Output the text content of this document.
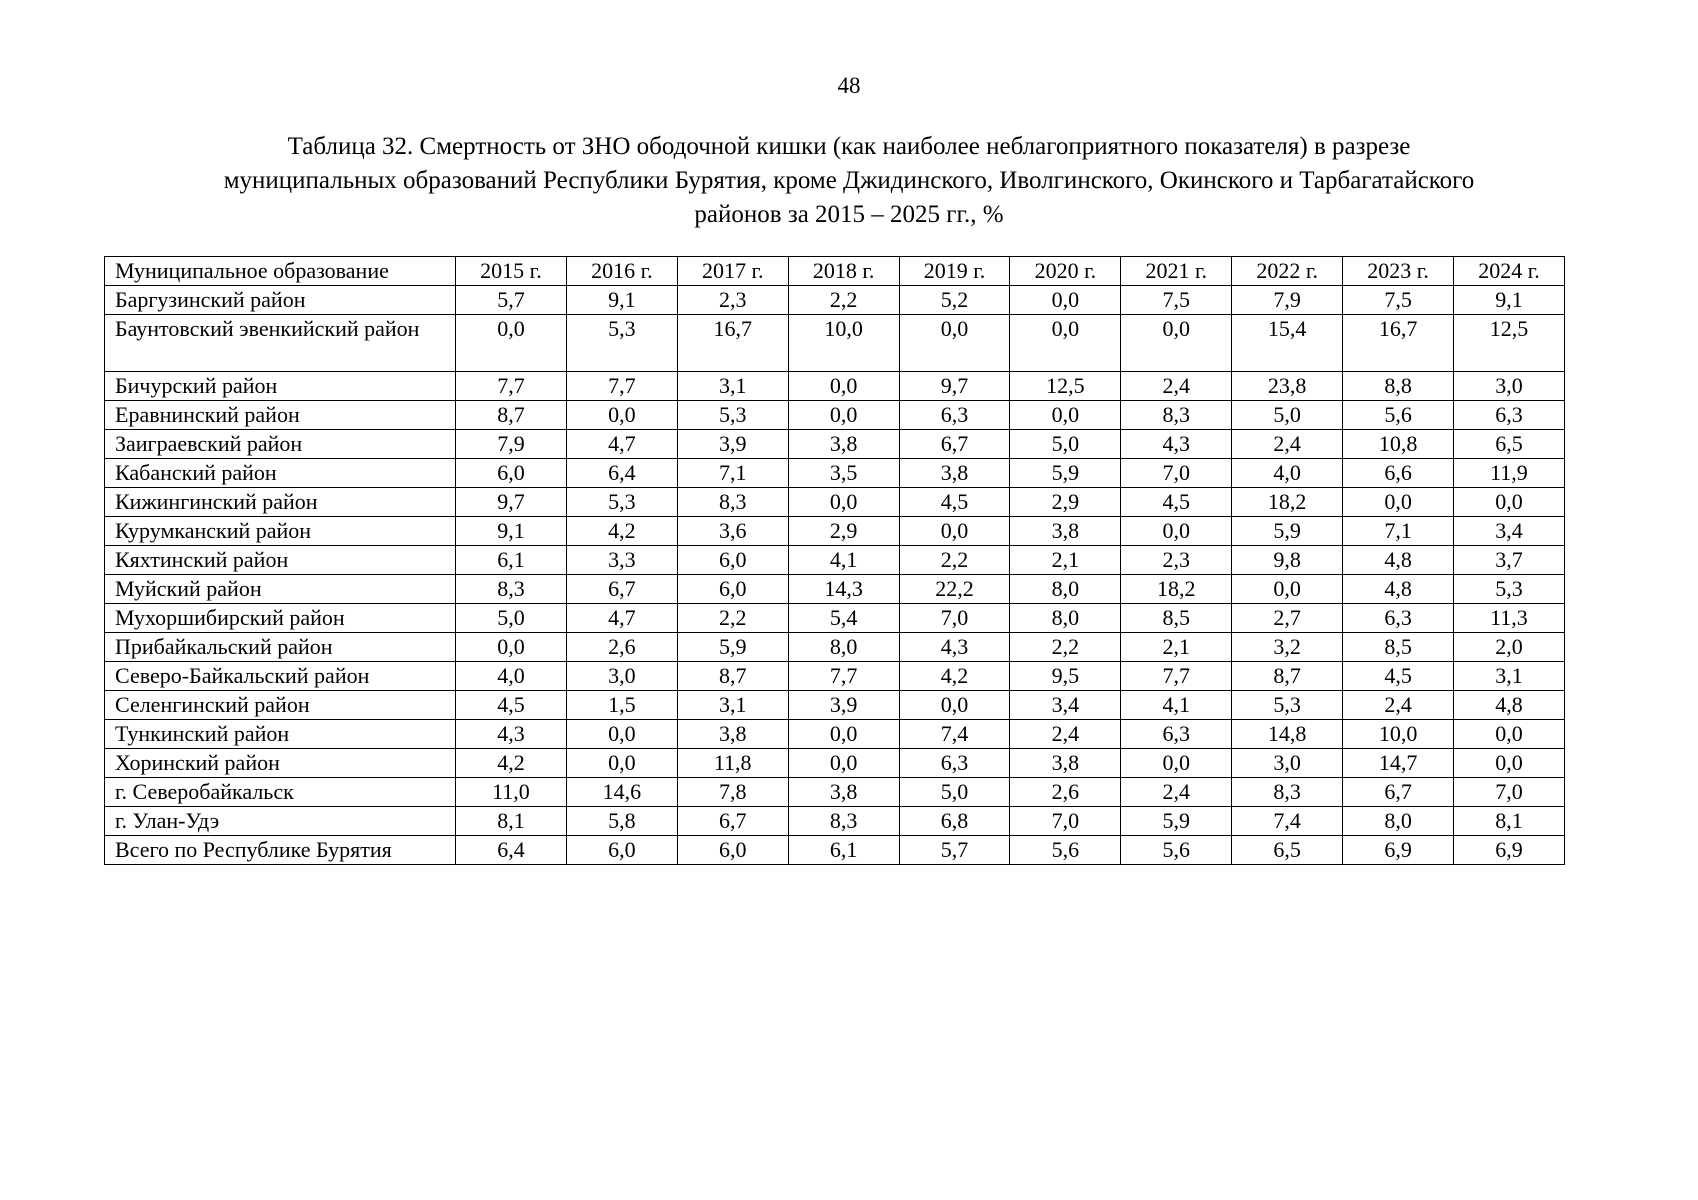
48
Таблица 32. Смертность от ЗНО ободочной кишки (как наиболее неблагоприятного показателя) в разрезе
муниципальных образований Республики Бурятия, кроме Джидинского, Иволгинского, Окинского и Тарбагатайского
районов за 2015 – 2025 гг., %
Муниципальное образование	2015 г.	2016 г.	2017 г.	2018 г.	2019 г.	2020 г.	2021 г.	2022 г.	2023 г.	2024 г.
Баргузинский район	5,7	9,1	2,3	2,2	5,2	0,0	7,5	7,9	7,5	9,1
Баунтовский эвенкийский район	0,0	5,3	16,7	10,0	0,0	0,0	0,0	15,4	16,7	12,5
Бичурский район	7,7	7,7	3,1	0,0	9,7	12,5	2,4	23,8	8,8	3,0
Еравнинский район	8,7	0,0	5,3	0,0	6,3	0,0	8,3	5,0	5,6	6,3
Заиграевский район	7,9	4,7	3,9	3,8	6,7	5,0	4,3	2,4	10,8	6,5
Кабанский район	6,0	6,4	7,1	3,5	3,8	5,9	7,0	4,0	6,6	11,9
Кижингинский район	9,7	5,3	8,3	0,0	4,5	2,9	4,5	18,2	0,0	0,0
Курумканский район	9,1	4,2	3,6	2,9	0,0	3,8	0,0	5,9	7,1	3,4
Кяхтинский район	6,1	3,3	6,0	4,1	2,2	2,1	2,3	9,8	4,8	3,7
Муйский район	8,3	6,7	6,0	14,3	22,2	8,0	18,2	0,0	4,8	5,3
Мухоршибирский район	5,0	4,7	2,2	5,4	7,0	8,0	8,5	2,7	6,3	11,3
Прибайкальский район	0,0	2,6	5,9	8,0	4,3	2,2	2,1	3,2	8,5	2,0
Северо-Байкальский район	4,0	3,0	8,7	7,7	4,2	9,5	7,7	8,7	4,5	3,1
Селенгинский район	4,5	1,5	3,1	3,9	0,0	3,4	4,1	5,3	2,4	4,8
Тункинский район	4,3	0,0	3,8	0,0	7,4	2,4	6,3	14,8	10,0	0,0
Хоринский район	4,2	0,0	11,8	0,0	6,3	3,8	0,0	3,0	14,7	0,0
г. Северобайкальск	11,0	14,6	7,8	3,8	5,0	2,6	2,4	8,3	6,7	7,0
г. Улан-Удэ	8,1	5,8	6,7	8,3	6,8	7,0	5,9	7,4	8,0	8,1
Всего по Республике Бурятия	6,4	6,0	6,0	6,1	5,7	5,6	5,6	6,5	6,9	6,9
